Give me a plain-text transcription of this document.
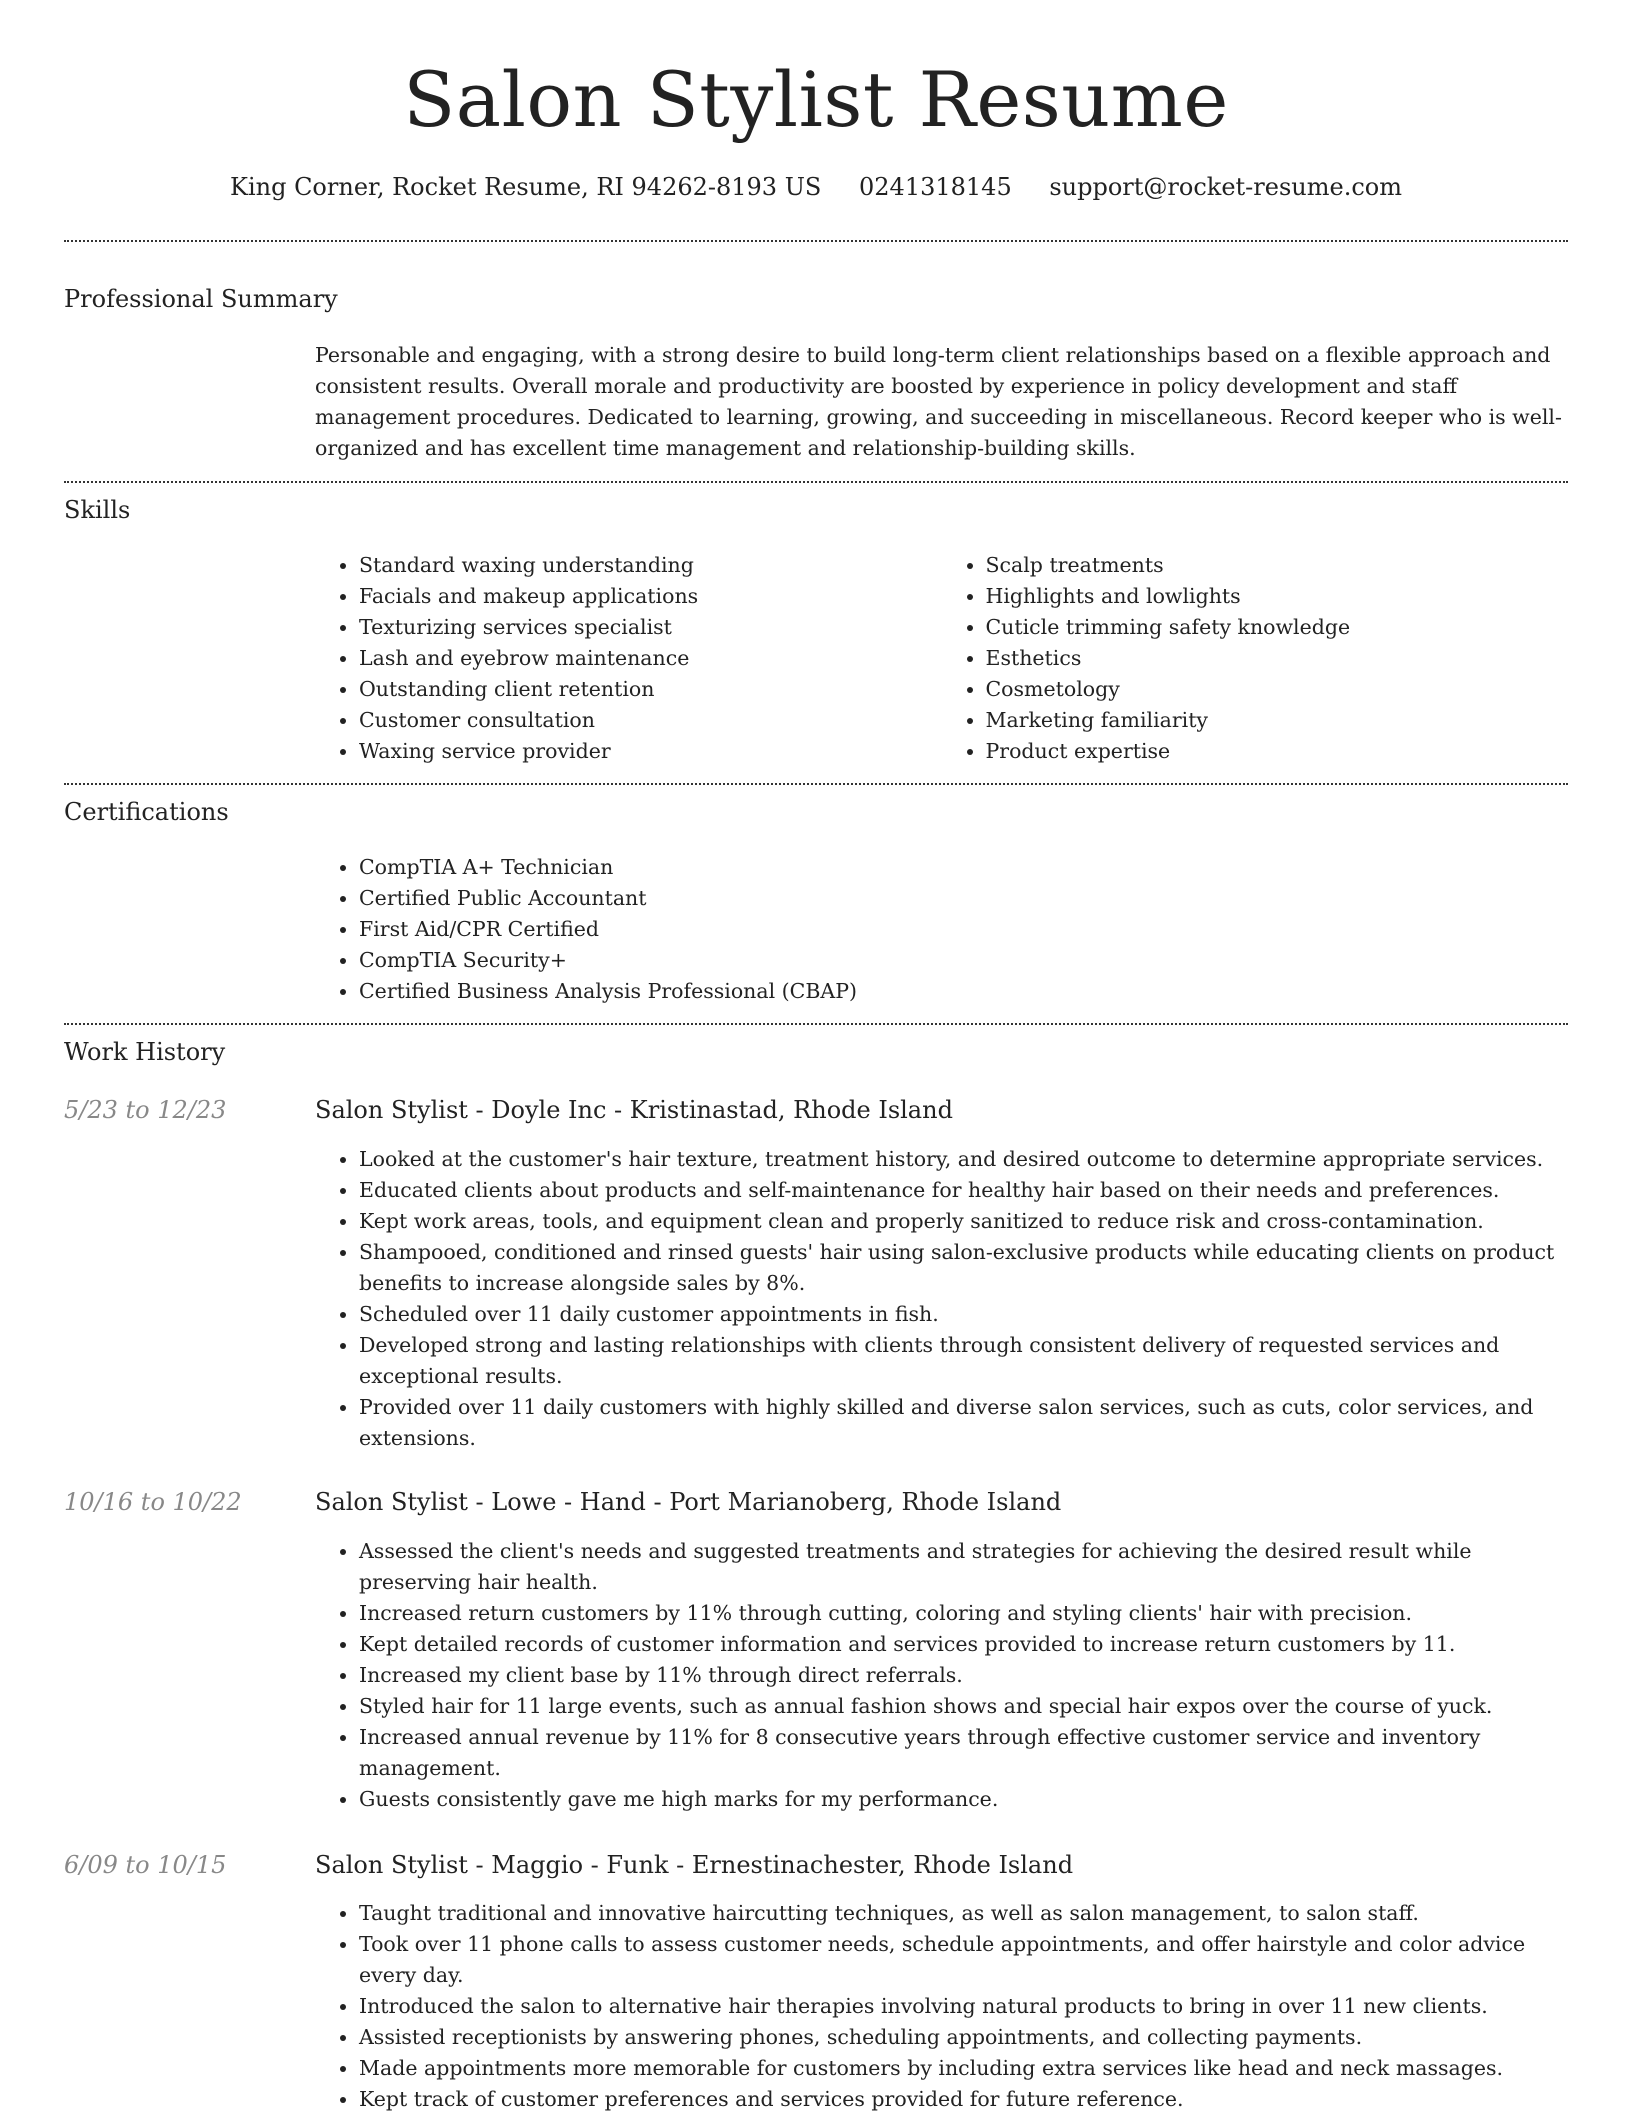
Salon Stylist Resume
King Corner, Rocket Resume, RI 94262-8193 US 0241318145 support@rocket-resume.com
Professional Summary

Personable and engaging, with a strong desire to build long-term client relationships based on a flexible approach and consistent results. Overall morale and productivity are boosted by experience in policy development and staff management procedures. Dedicated to learning, growing, and succeeding in miscellaneous. Record keeper who is well-organized and has excellent time management and relationship-building skills.

Skills
• Standard waxing understanding
• Facials and makeup applications
• Texturizing services specialist
• Lash and eyebrow maintenance
• Outstanding client retention
• Customer consultation
• Waxing service provider
• Scalp treatments
• Highlights and lowlights
• Cuticle trimming safety knowledge
• Esthetics
• Cosmetology
• Marketing familiarity
• Product expertise
Certifications
• CompTIA A+ Technician
• Certified Public Accountant
• First Aid/CPR Certified
• CompTIA Security+
• Certified Business Analysis Professional (CBAP)
Work History
5/23 to 12/23	Salon Stylist - Doyle Inc - Kristinastad, Rhode Island
• Looked at the customer's hair texture, treatment history, and desired outcome to determine appropriate services.
• Educated clients about products and self-maintenance for healthy hair based on their needs and preferences.
• Kept work areas, tools, and equipment clean and properly sanitized to reduce risk and cross-contamination.
• Shampooed, conditioned and rinsed guests' hair using salon-exclusive products while educating clients on product benefits to increase alongside sales by 8%.
• Scheduled over 11 daily customer appointments in fish.
• Developed strong and lasting relationships with clients through consistent delivery of requested services and exceptional results.
• Provided over 11 daily customers with highly skilled and diverse salon services, such as cuts, color services, and extensions.
10/16 to 10/22	Salon Stylist - Lowe - Hand - Port Marianoberg, Rhode Island
• Assessed the client's needs and suggested treatments and strategies for achieving the desired result while preserving hair health.
• Increased return customers by 11% through cutting, coloring and styling clients' hair with precision.
• Kept detailed records of customer information and services provided to increase return customers by 11.
• Increased my client base by 11% through direct referrals.
• Styled hair for 11 large events, such as annual fashion shows and special hair expos over the course of yuck.
• Increased annual revenue by 11% for 8 consecutive years through effective customer service and inventory management.
• Guests consistently gave me high marks for my performance.
6/09 to 10/15	Salon Stylist - Maggio - Funk - Ernestinachester, Rhode Island
• Taught traditional and innovative haircutting techniques, as well as salon management, to salon staff.
• Took over 11 phone calls to assess customer needs, schedule appointments, and offer hairstyle and color advice every day.
• Introduced the salon to alternative hair therapies involving natural products to bring in over 11 new clients.
• Assisted receptionists by answering phones, scheduling appointments, and collecting payments.
• Made appointments more memorable for customers by including extra services like head and neck massages.
• Kept track of customer preferences and services provided for future reference.
